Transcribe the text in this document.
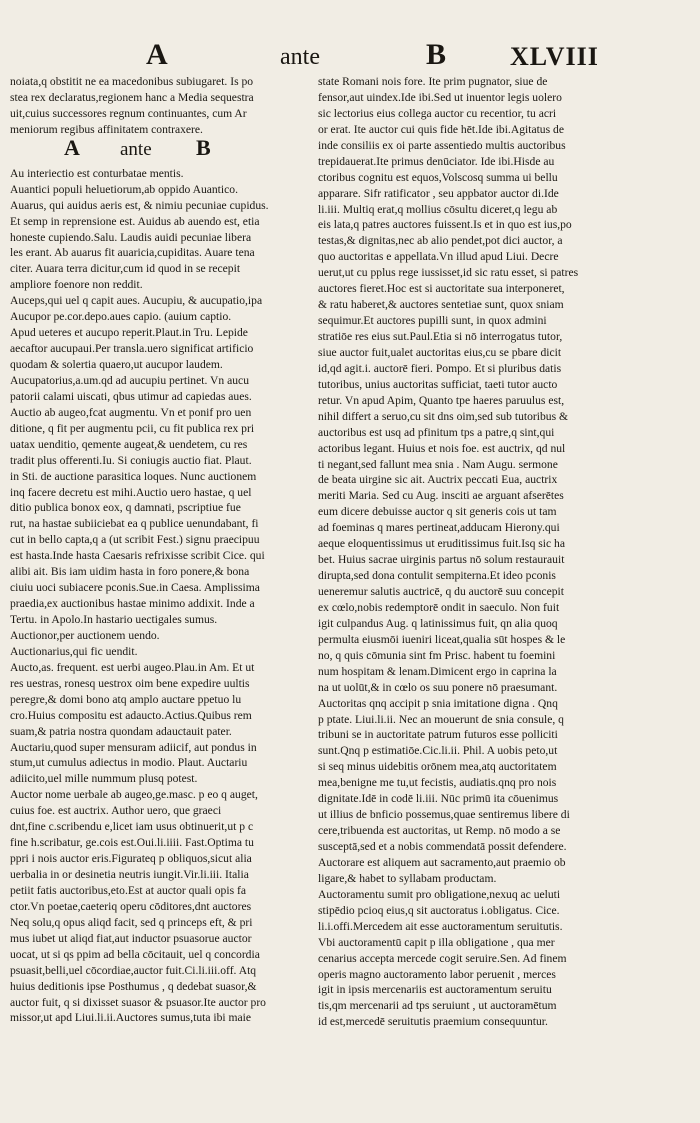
A	ante	B XLVIII
noiata,q obstitit ne ea macedonibus subiugaret. Is po
stea rex declaratus,regionem hanc a Media sequestra
uit,cuius successores regnum continuantes, cum Ar
meniorum regibus affinitatem contraxere.
A ante B
Au interiectio est conturbatae mentis.
Auantici populi heluetiorum,ab oppido Auantico.
Auarus, qui auidus aeris est, & nimiu pecuniae cupidus.
Et semp in reprensione est. Auidus ab auendo est, etia
honeste cupiendo.Salu. Laudis auidi pecuniae libera
les erant. Ab auarus fit auaricia,cupiditas. Auare tena
citer. Auara terra dicitur,cum id quod in se recepit
ampliore foenore non reddit.
Auceps,qui uel q capit aues. Aucupiu, & aucupatio,ipa
Aucupor pe.cor.depo.aues capio. (auium captio.
Apud ueteres et aucupo reperit.Plaut.in Tru. Lepide
aecaftor aucupaui.Per transla.uero significat artificio
quodam & solertia quaero,ut aucupor laudem.
Aucupatorius,a.um.qd ad aucupiu pertinet. Vn aucu
patorii calami uiscati, qbus utimur ad capiedas aues.
Auctio ab augeo,fcat augmentu. Vn et ponif pro uen
ditione, q fit per augmentu pcii, cu fit publica rex pri
uatax uenditio, qemente augeat,& uendetem, cu res
tradit plus offerenti.Iu. Si coniugis auctio fiat. Plaut.
in Sti. de auctione parasitica loques. Nunc auctionem
inq facere decretu est mihi.Auctio uero hastae, q uel
ditio publica bonox eox, q damnati, pscriptiue fue
rut, na hastae subiiciebat ea q publice uenundabant, fi
cut in bello capta,q a (ut scribit Fest.) signu praecipuu
est hasta.Inde hasta Caesaris refrixisse scribit Cice. qui
alibi ait. Bis iam uidim hasta in foro ponere,& bona
ciuiu uoci subiacere pconis.Sue.in Caesa. Amplissima
praedia,ex auctionibus hastae minimo addixit. Inde a
Tertu. in Apolo.In hastario uectigales sumus.
Auctionor,per auctionem uendo.
Auctionarius,qui fic uendit.
Aucto,as. frequent. est uerbi augeo.Plau.in Am. Et ut
res uestras, ronesq uestrox oim bene expedire uultis
peregre,& domi bono atq amplo auctare ppetuo lu
cro.Huius compositu est adaucto.Actius.Quibus rem
suam,& patria nostra quondam adauctauit pater.
Auctariu,quod super mensuram adiicif, aut pondus in
stum,ut cumulus adiectus in modio. Plaut. Auctariu
adiicito,uel mille nummum plusq potest.
Auctor nome uerbale ab augeo,ge.masc. p eo q auget,
cuius foe. est auctrix. Author uero, que graeci
dnt,fine c.scribendu e,licet iam usus obtinuerit,ut p c
fine h.scribatur, ge.cois est.Oui.li.iiii. Fast.Optima tu
ppri i nois auctor eris.Figurateq p obliquos,sicut alia
uerbalia in or desinetia neutris iungit.Vir.li.iii. Italia
petiit fatis auctoribus,eto.Est at auctor quali opis fa
ctor.Vn poetae,caeteriq operu cōditores,dnt auctores
Neq solu,q opus aliqd facit, sed q princeps eft, & pri
mus iubet ut aliqd fiat,aut inductor psuasorue auctor
uocat, ut si qs ppim ad bella cōcitauit, uel q concordia
psuasit,belli,uel cōcordiae,auctor fuit.Ci.li.iii.off. Atq
huius deditionis ipse Posthumus , q dedebat suasor,&
auctor fuit, q si dixisset suasor & psuasor.Ite auctor pro
missor,ut apd Liui.li.ii.Auctores sumus,tuta ibi maie
state Romani nois fore. Ite prim pugnator, siue de
fensor,aut uindex.Ide ibi.Sed ut inuentor legis uolero
sic lectorius eius collega auctor cu recentior, tu acri
or erat. Ite auctor cui quis fide hēt.Ide ibi.Agitatus de
inde consiliis ex oi parte assentiedo multis auctoribus
trepidauerat.Ite primus denūciator. Ide ibi.Hisde au
ctoribus cognitu est equos,Volscosq summa ui bellu
apparare. Sifr ratificator , seu appbator auctor di.Ide
li.iii. Multiq erat,q mollius cōsultu diceret,q legu ab
eis lata,q patres auctores fuissent.Is et in quo est ius,po
testas,& dignitas,nec ab alio pendet,pot dici auctor, a
quo auctoritas e appellata.Vn illud apud Liui. Decre
uerut,ut cu pplus rege iussisset,id sic ratu esset, si patres
auctores fieret.Hoc est si auctoritate sua interponeret,
& ratu haberet,& auctores sentetiae sunt, quox sniam
sequimur.Et auctores pupilli sunt, in quox admini
stratiōe res eius sut.Paul.Etia si nō interrogatus tutor,
siue auctor fuit,ualet auctoritas eius,cu se pbare dicit
id,qd agit.i. auctorē fieri. Pompo. Et si pluribus datis
tutoribus, unius auctoritas sufficiat, taeti tutor aucto
retur. Vn apud Apim, Quanto tpe haeres paruulus est,
nihil differt a seruo,cu sit dns oim,sed sub tutoribus &
auctoribus est usq ad pfinitum tps a patre,q sint,qui
actoribus legant. Huius et nois foe. est auctrix, qd nul
ti negant,sed fallunt mea snia . Nam Augu. sermone
de beata uirgine sic ait. Auctrix peccati Eua, auctrix
meriti Maria. Sed cu Aug. insciti ae arguant afserētes
eum dicere debuisse auctor q sit generis cois ut tam
ad foeminas q mares pertineat,adducam Hierony.qui
aeque eloquentissimus ut eruditissimus fuit.Isq sic ha
bet. Huius sacrae uirginis partus nō solum restaurauit
dirupta,sed dona contulit sempiterna.Et ideo pconis
ueneremur salutis auctricē, q du auctorē suu concepit
ex cœlo,nobis redemptorē ondit in saeculo. Non fuit
igit culpandus Aug. q latinissimus fuit, qn alia quoq
permulta eiusmōi iueniri liceat,qualia sūt hospes & le
no, q quis cōmunia sint fm Prisc. habent tu foemini
num hospitam & lenam.Dimicent ergo in caprina la
na ut uolūt,& in cœlo os suu ponere nō praesumant.
Auctoritas qnq accipit p snia imitatione digna . Qnq
p ptate. Liui.li.ii. Nec an mouerunt de snia consule, q
tribuni se in auctoritate patrum futuros esse polliciti
sunt.Qnq p estimatiōe.Cic.li.ii. Phil. A uobis peto,ut
si seq minus uidebitis orōnem mea,atq auctoritatem
mea,benigne me tu,ut fecistis, audiatis.qnq pro nois
dignitate.Idē in codē li.iii. Nūc primū ita cōuenimus
ut illius de bnficio possemus,quae sentiremus libere di
cere,tribuenda est auctoritas, ut Remp. nō modo a se
susceptā,sed et a nobis commendatā possit defendere.
Auctorare est aliquem aut sacramento,aut praemio ob
ligare,& habet to syllabam productam.
Auctoramentu sumit pro obligatione,nexuq ac ueluti
stipēdio pcioq eius,q sit auctoratus i.obligatus. Cice.
li.i.offi.Mercedem ait esse auctoramentum seruitutis.
Vbi auctoramentū capit p illa obligatione , qua mer
cenarius accepta mercede cogit seruire.Sen. Ad finem
operis magno auctoramento labor peruenit , merces
igit in ipsis mercenariis est auctoramentum seruitu
tis,qm mercenarii ad tps seruiunt , ut auctoramētum
id est,mercedē seruitutis praemium consequuntur.
